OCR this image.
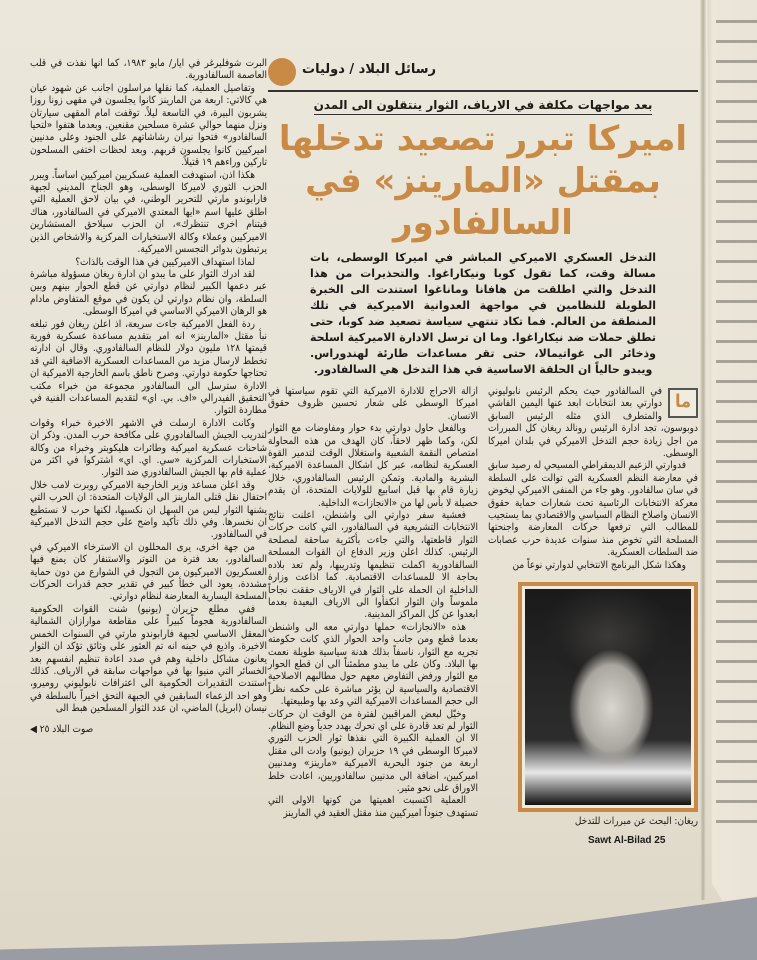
رسائل البلاد / دوليات
بعد مواجهات مكلفة في الارياف، الثوار ينتقلون الى المدن
اميركا تبرر تصعيد تدخلها بمقتل «المارينز» في السالفادور
التدخل العسكري الاميركي المباشر في اميركا الوسطى، بات مسالة وقت، كما تقول كوبا ونيكاراغوا. والتحذيرات من هذا التدخل والتي اطلقت من هافانا وماناغوا استندت الى الخبرة الطويلة للنظامين في مواجهة العدوانية الاميركية في تلك المنطقة من العالم. فما تكاد تنتهي سياسة تصعيد ضد كوبا، حتى تطلق حملات ضد نيكاراغوا. وما ان ترسل الادارة الاميركية اسلحة وذخائر الى غواتيمالا، حتى تقر مساعدات طارئة لهندوراس. ويبدو حالياً ان الحلقة الاساسية في هذا التدخل هي السالفادور.
ما

في السالفادور حيث يحكم الرئيس نابوليوني دوارتي بعد انتخابات ابعد عنها اليمين الفاشي والمتطرف الذي مثله الرئيس السابق دوبوسون، تجد ادارة الرئيس رونالد ريغان كل المبررات من اجل زيادة حجم التدخل الاميركي في بلدان اميركا الوسطى.

فدوارتي الزعيم الديمقراطي المسيحي له رصيد سابق في معارضة النظم العسكرية التي توالت على السلطة في سان سالفادور. وهو جاء من المنفى الاميركي ليخوض معركة الانتخابات الرئاسية تحت شعارات حماية حقوق الانسان واصلاح النظام السياسي والاقتصادي بما يستجيب للمطالب التي ترفعها حركات المعارضة واجنحتها المسلحة التي تخوض منذ سنوات عديدة حرب عصابات ضد السلطات العسكرية.

وهكذا شكل البرنامج الانتخابي لدوارتي نوعاً من

ريغان: البحث عن مبررات للتدخل
Sawt Al-Bilad 25

ازالة الاحراج للادارة الاميركية التي تقوم سياستها في اميركا الوسطى على شعار تحسين ظروف حقوق الانسان.

وبالفعل حاول دوارتي بدء حوار ومفاوضات مع الثوار لكن، وكما ظهر لاحقاً، كان الهدف من هذه المحاولة امتصاص النقمة الشعبية واستغلال الوقت لتدمير القوة العسكرية لنظامه، عبر كل اشكال المساعدة الاميركية، البشرية والمادية. وتمكن الرئيس السالفادوري، خلال زيارة قام بها قبل اسابيع للولايات المتحدة، ان يقدم حصيلة لا بأس لها من «الانجازات» الداخلية.

فعشية سفر دوارتي الى واشنطن، اعلنت نتائج الانتخابات التشريعية في السالفادور، التي كانت حركات الثوار قاطعتها، والتي جاءت بأكثرية ساحقة لمصلحة الرئيس. كذلك اعلن وزير الدفاع ان القوات المسلحة السالفادورية اكملت تنظيمها وتدريبها، ولم تعد بلاده بحاجة الا للمساعدات الاقتصادية. كما اذاعت وزارة الداخلية ان الحملة على الثوار في الارياف حققت نجاحاً ملموساً وان الثوار انكفأوا الى الارياف البعيدة بعدما ابعدوا عن كل المراكز المدينية.

هذه «الانجازات» حملها دوارتي معه الى واشنطن بعدما قطع ومن جانب واحد الحوار الذي كانت حكومته تجريه مع الثوار، ناسفاً بذلك هدنة سياسية طويلة نعمت بها البلاد. وكان على ما يبدو مطمئناً الى ان قطع الحوار مع الثوار ورفض التفاوض معهم حول مطالبهم الاصلاحية الاقتصادية والسياسية لن يؤثر مباشرة على حكمه نظراً الى حجم المساعدات الاميركية التي وعد بها وطبيعتها.

وخيّل لبعض المراقبين لفترة من الوقت ان حركات الثوار لم تعد قادرة على اي تحرك يهدد جدياً وضع النظام. الا ان العملية الكبيرة التي نفذها ثوار الحزب الثوري لاميركا الوسطى في ١٩ حزيران (يونيو) وادت الى مقتل اربعة من جنود البحرية الاميركية «مارينز» ومدنيين اميركيين، اضافة الى مدنيين سالفادوريين، اعادت خلط الاوراق على نحو مثير.

العملية اكتسبت اهميتها من كونها الاولى التي تستهدف جنوداً اميركيين منذ مقتل العقيد في المارينز

البرت شوفليرغر في ايار/ مايو ١٩٨٣، كما انها نفذت في قلب العاصمة السالفادورية.

وتفاصيل العملية، كما نقلها مراسلون اجانب عن شهود عيان هي كالاتي: اربعة من المارينز كانوا يجلسون في مقهى زونا روزا يشربون البيرة، في التاسعة ليلاً. توقفت امام المقهى سيارتان ونزل منهما حوالي عشرة مسلحين مقنعين. وبعدما هتفوا «لتحيا السالفادور» فتحوا نيران رشاشاتهم على الجنود وعلى مدنيين اميركيين كانوا يجلسون قربهم. وبعد لحظات اختفى المسلحون تاركين وراءهم ١٩ قتيلاً.

هكذا اذن، استهدفت العملية عسكريين اميركيين اساساً. ويبرر الحزب الثوري لاميركا الوسطى، وهو الجناح المديني لجبهة فارابوندو مارتي للتحرير الوطني، في بيان لاحق العملية التي اطلق عليها اسم «ايها المعتدي الاميركي في السالفادور، هناك فيتنام اخرى تنتظرك»، ان الحزب سيلاحق المستشارين الاميركيين وعملاء وكالة الاستخبارات المركزية والاشخاص الذين يرتبطون بدوائر التجسس الاميركية.

لماذا استهداف الاميركيين في هذا الوقت بالذات؟

لقد ادرك الثوار على ما يبدو ان ادارة ريغان مسؤولة مباشرة عبر دعمها الكبير لنظام دوارتي عن قطع الحوار بينهم وبين السلطة، وان نظام دوارتي لن يكون في موقع المتفاوض مادام هو الرهان الاميركي الاساسي في اميركا الوسطى.

ردة الفعل الاميركية جاءت سريعة، اذ اعلن ريغان فور تبلغه نبأ مقتل «المارينز» انه امر بتقديم مساعدة عسكرية فورية قيمتها ١٢٨ مليون دولار للنظام السالفادوري. وقال ان ادارته تخطط لارسال مزيد من المساعدات العسكرية الاضافية التي قد تحتاجها حكومة دوارتي. وصرح ناطق باسم الخارجية الاميركية ان الادارة سترسل الى السالفادور مجموعة من خبراء مكتب التحقيق الفيدرالي «اف. بي. اي» لتقديم المساعدات الفنية في مطاردة الثوار.

وكانت الادارة ارسلت في الاشهر الاخيرة خبراء وقوات لتدريب الجيش السالفادوري على مكافحة حرب المدن. وذكر ان شاحنات عسكرية اميركية وطائرات هليكوبتر وخبراء من وكالة الاستخبارات المركزية «سي. اي. اي» اشتركوا في اكثر من عملية قام بها الجيش السالفادوري ضد الثوار.

وقد اعلن مساعد وزير الخارجية الاميركي روبرت لامب خلال احتفال نقل قتلى المارينز الى الولايات المتحدة: ان الحرب التي يشنها الثوار ليس من السهل ان نكسبها، لكنها حرب لا نستطيع ان نخسرها. وفي ذلك تأكيد واضح على حجم التدخل الاميركية في السالفادور.

من جهة اخرى، يرى المحللون ان الاسترخاء الاميركي في السالفادور، بعد فترة من التوتر والاستنفار كان يمنع فيها العسكريون الاميركيون من التجول في الشوارع من دون حماية مشددة، يعود الى خطأ كبير في تقدير حجم قدرات الحركات المسلحة اليسارية المعارضة لنظام دوارتي.

ففي مطلع حزيران (يونيو) شنت القوات الحكومية السالفادورية هجوماً كبيراً على مقاطعة موارازان الشمالية المعقل الاساسي لجبهة فارابوندو مارتي في السنوات الخمس الاخيرة. واذيع في حينه انه تم العثور على وثائق تؤكد ان الثوار يعانون مشاكل داخلية وهم في صدد اعادة تنظيم انفسهم بعد الخسائر التي منيوا بها في مواجهات سابقة في الارياف. كذلك استندت التقديرات الحكومية الى اعترافات نابوليوني روميرو، وهو احد الزعماء السابقين في الجبهة التحق اخيراً بالسلطة في نيسان (ابريل) الماضي، ان عدد الثوار المسلحين هبط الى

صوت البلاد ٢٥ ◀
